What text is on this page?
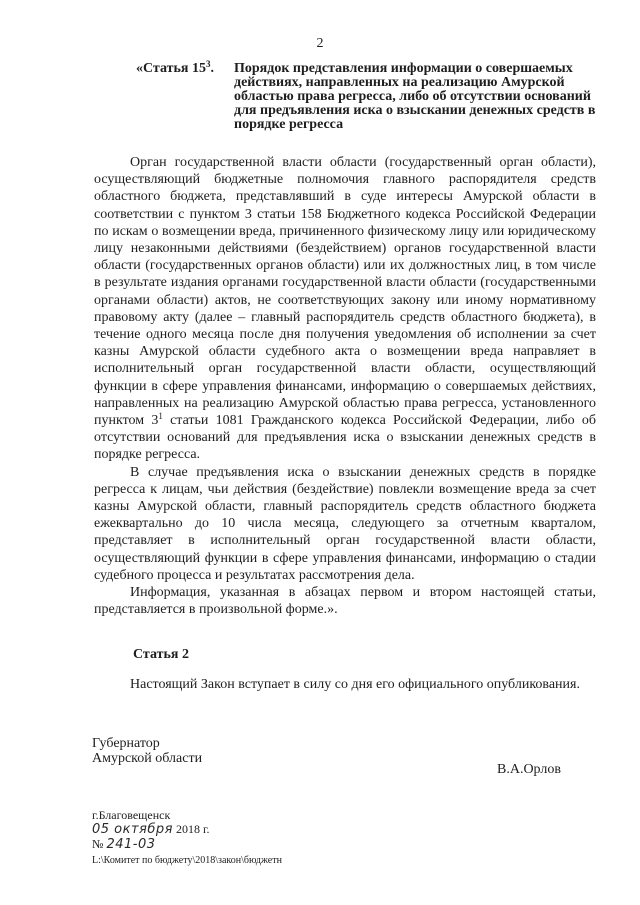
2
«Статья $15^3$. Порядок представления информации о совершаемых действиях, направленных на реализацию Амурской областью права регресса, либо об отсутствии оснований для предъявления иска о взыскании денежных средств в порядке регресса

Орган государственной власти области (государственный орган области), осуществляющий бюджетные полномочия главного распорядителя средств областного бюджета, представлявший в суде интересы Амурской области в соответствии с пунктом 3 статьи 158 Бюджетного кодекса Российской Федерации по искам о возмещении вреда, причиненного физическому лицу или юридическому лицу незаконными действиями (бездействием) органов государственной власти области (государственных органов области) или их должностных лиц, в том числе в результате издания органами государственной власти области (государственными органами области) актов, не соответствующих закону или иному нормативному правовому акту (далее – главный распорядитель средств областного бюджета), в течение одного месяца после дня получения уведомления об исполнении за счет казны Амурской области судебного акта о возмещении вреда направляет в исполнительный орган государственной власти области, осуществляющий функции в сфере управления финансами, информацию о совершаемых действиях, направленных на реализацию Амурской областью права регресса, установленного пунктом $3^1$ статьи 1081 Гражданского кодекса Российской Федерации, либо об отсутствии оснований для предъявления иска о взыскании денежных средств в порядке регресса.

В случае предъявления иска о взыскании денежных средств в порядке регресса к лицам, чьи действия (бездействие) повлекли возмещение вреда за счет казны Амурской области, главный распорядитель средств областного бюджета ежеквартально до 10 числа месяца, следующего за отчетным кварталом, представляет в исполнительный орган государственной власти области, осуществляющий функции в сфере управления финансами, информацию о стадии судебного процесса и результатах рассмотрения дела.

Информация, указанная в абзацах первом и втором настоящей статьи, представляется в произвольной форме.».

Статья 2

Настоящий Закон вступает в силу со дня его официального опубликования.

Губернатор
Амурской области
В.А.Орлов
г.Благовещенск
05 октября 2018 г.
№ 241-03
L:\Комитет по бюджету\2018\закон\бюджетн
